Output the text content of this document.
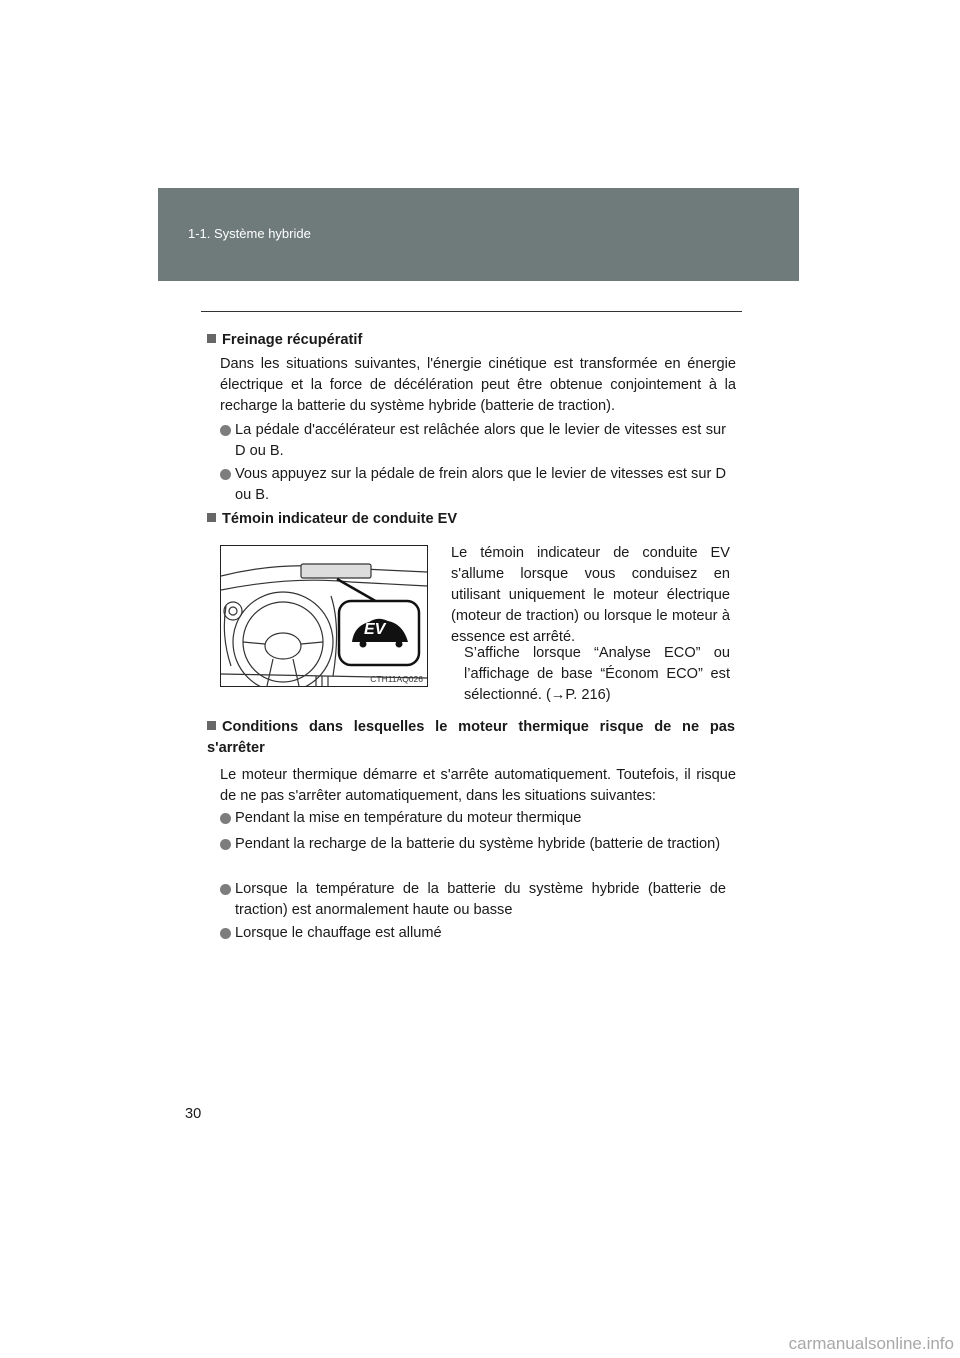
1-1. Système hybride
Freinage récupératif
Dans les situations suivantes, l'énergie cinétique est transformée en énergie électrique et la force de décélération peut être obtenue conjointement à la recharge la batterie du système hybride (batterie de traction).
La pédale d'accélérateur est relâchée alors que le levier de vitesses est sur D ou B.
Vous appuyez sur la pédale de frein alors que le levier de vitesses est sur D ou B.
Témoin indicateur de conduite EV
EV
CTH11AQ026
Le témoin indicateur de conduite EV s'allume lorsque vous conduisez en utilisant uniquement le moteur électrique (moteur de traction) ou lorsque le moteur à essence est arrêté.
S’affiche lorsque “Analyse ECO” ou l’affichage de base “Économ ECO” est sélectionné. (→P. 216)
Conditions dans lesquelles le moteur thermique risque de ne pas s'arrêter
Le moteur thermique démarre et s'arrête automatiquement. Toutefois, il risque de ne pas s'arrêter automatiquement, dans les situations suivantes:
Pendant la mise en température du moteur thermique
Pendant la recharge de la batterie du système hybride (batterie de traction)
Lorsque la température de la batterie du système hybride (batterie de traction) est anormalement haute ou basse
Lorsque le chauffage est allumé
30
carmanualsonline.info
